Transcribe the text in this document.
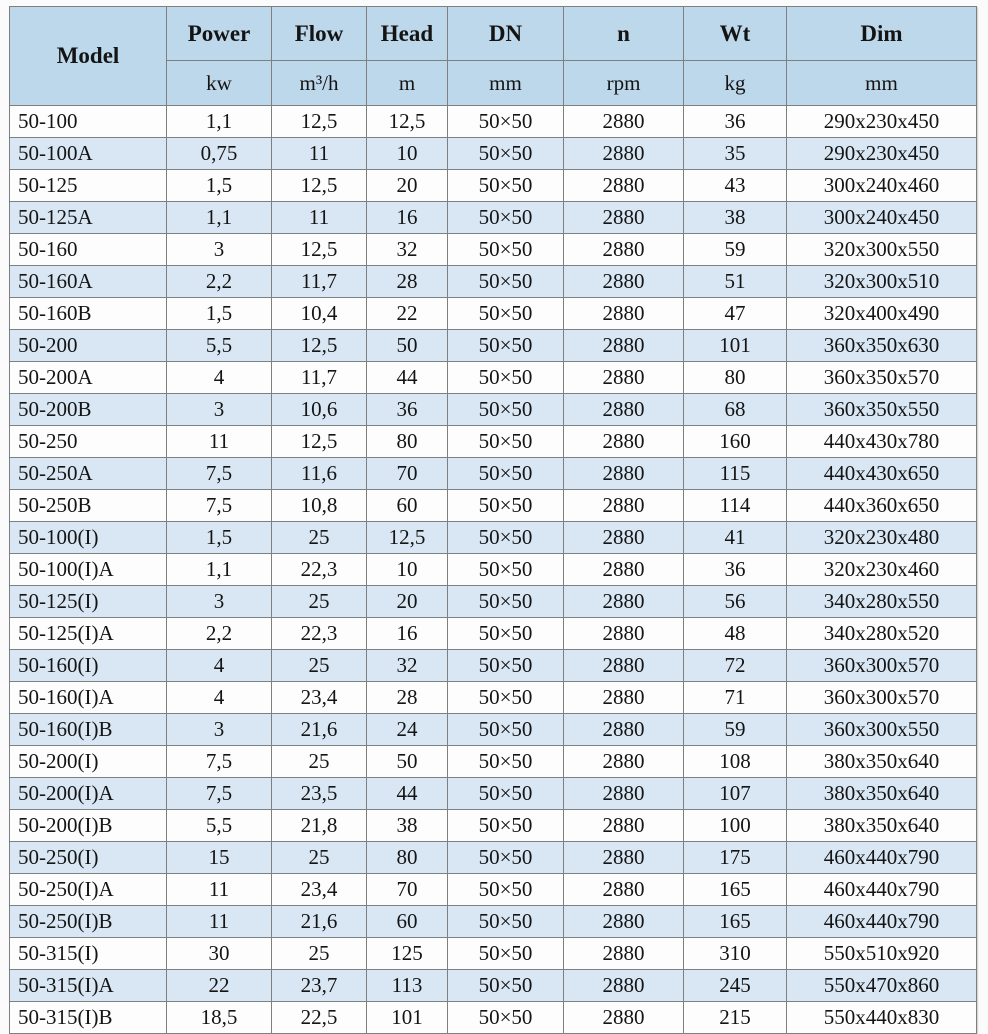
Model	Power	Flow	Head	DN	n	Wt	Dim
	kw	m³/h	m	mm	rpm	kg	mm
50-100	1,1	12,5	12,5	50×50	2880	36	290x230x450
50-100A	0,75	11	10	50×50	2880	35	290x230x450
50-125	1,5	12,5	20	50×50	2880	43	300x240x460
50-125A	1,1	11	16	50×50	2880	38	300x240x450
50-160	3	12,5	32	50×50	2880	59	320x300x550
50-160A	2,2	11,7	28	50×50	2880	51	320x300x510
50-160B	1,5	10,4	22	50×50	2880	47	320x400x490
50-200	5,5	12,5	50	50×50	2880	101	360x350x630
50-200A	4	11,7	44	50×50	2880	80	360x350x570
50-200B	3	10,6	36	50×50	2880	68	360x350x550
50-250	11	12,5	80	50×50	2880	160	440x430x780
50-250A	7,5	11,6	70	50×50	2880	115	440x430x650
50-250B	7,5	10,8	60	50×50	2880	114	440x360x650
50-100(I)	1,5	25	12,5	50×50	2880	41	320x230x480
50-100(I)A	1,1	22,3	10	50×50	2880	36	320x230x460
50-125(I)	3	25	20	50×50	2880	56	340x280x550
50-125(I)A	2,2	22,3	16	50×50	2880	48	340x280x520
50-160(I)	4	25	32	50×50	2880	72	360x300x570
50-160(I)A	4	23,4	28	50×50	2880	71	360x300x570
50-160(I)B	3	21,6	24	50×50	2880	59	360x300x550
50-200(I)	7,5	25	50	50×50	2880	108	380x350x640
50-200(I)A	7,5	23,5	44	50×50	2880	107	380x350x640
50-200(I)B	5,5	21,8	38	50×50	2880	100	380x350x640
50-250(I)	15	25	80	50×50	2880	175	460x440x790
50-250(I)A	11	23,4	70	50×50	2880	165	460x440x790
50-250(I)B	11	21,6	60	50×50	2880	165	460x440x790
50-315(I)	30	25	125	50×50	2880	310	550x510x920
50-315(I)A	22	23,7	113	50×50	2880	245	550x470x860
50-315(I)B	18,5	22,5	101	50×50	2880	215	550x440x830
